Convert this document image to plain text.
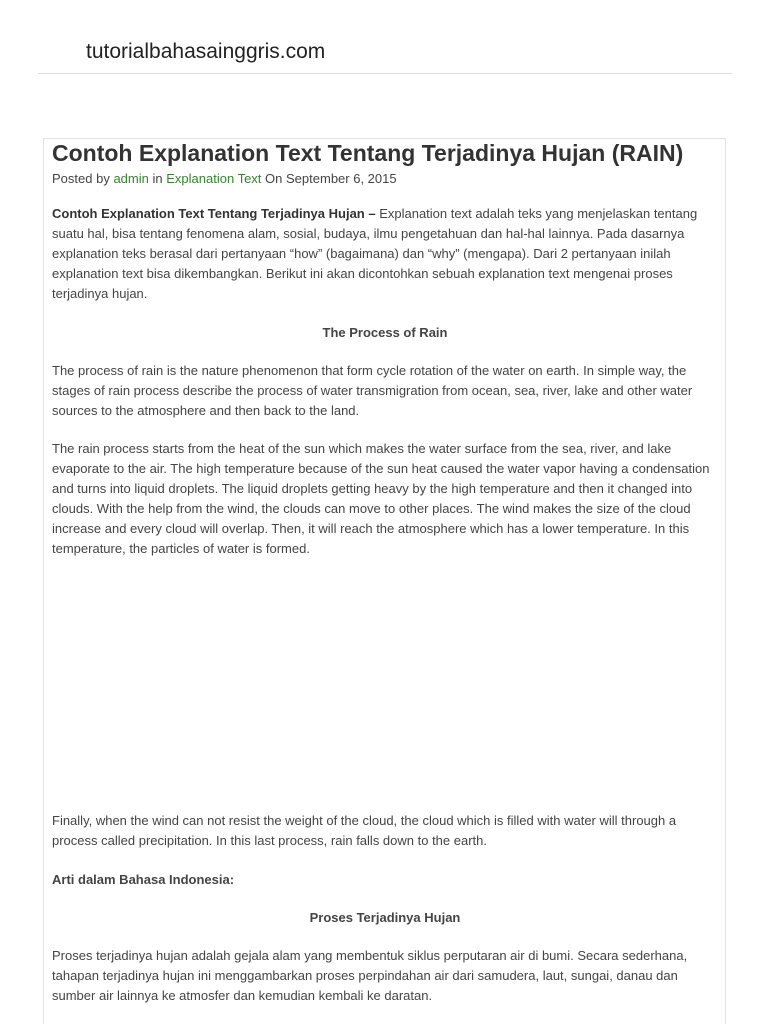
tutorialbahasainggris.com
Contoh Explanation Text Tentang Terjadinya Hujan (RAIN)
Posted by admin in Explanation Text On September 6, 2015

Contoh Explanation Text Tentang Terjadinya Hujan – Explanation text adalah teks yang menjelaskan tentang suatu hal, bisa tentang fenomena alam, sosial, budaya, ilmu pengetahuan dan hal-hal lainnya. Pada dasarnya explanation teks berasal dari pertanyaan “how” (bagaimana) dan “why” (mengapa). Dari 2 pertanyaan inilah explanation text bisa dikembangkan. Berikut ini akan dicontohkan sebuah explanation text mengenai proses terjadinya hujan.

The Process of Rain

The process of rain is the nature phenomenon that form cycle rotation of the water on earth. In simple way, the stages of rain process describe the process of water transmigration from ocean, sea, river, lake and other water sources to the atmosphere and then back to the land.

The rain process starts from the heat of the sun which makes the water surface from the sea, river, and lake evaporate to the air. The high temperature because of the sun heat caused the water vapor having a condensation and turns into liquid droplets. The liquid droplets getting heavy by the high temperature and then it changed into clouds. With the help from the wind, the clouds can move to other places. The wind makes the size of the cloud increase and every cloud will overlap. Then, it will reach the atmosphere which has a lower temperature. In this temperature, the particles of water is formed.

Finally, when the wind can not resist the weight of the cloud, the cloud which is filled with water will through a process called precipitation. In this last process, rain falls down to the earth.

Arti dalam Bahasa Indonesia:

Proses Terjadinya Hujan

Proses terjadinya hujan adalah gejala alam yang membentuk siklus perputaran air di bumi. Secara sederhana, tahapan terjadinya hujan ini menggambarkan proses perpindahan air dari samudera, laut, sungai, danau dan sumber air lainnya ke atmosfer dan kemudian kembali ke daratan.
